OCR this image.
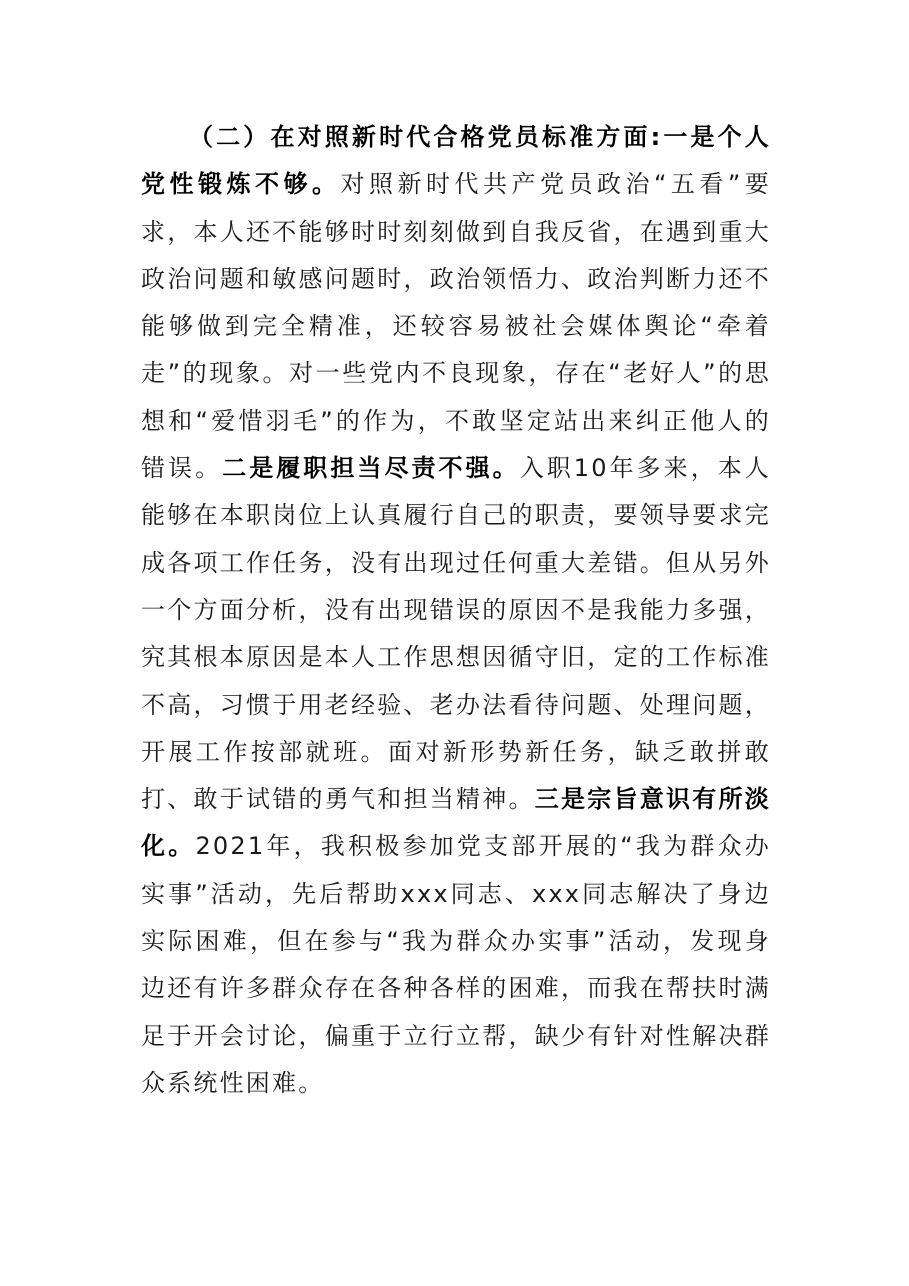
（二）在对照新时代合格党员标准方面:一是个人党性锻炼不够。对照新时代共产党员政治“五看”要求，本人还不能够时时刻刻做到自我反省，在遇到重大政治问题和敏感问题时，政治领悟力、政治判断力还不能够做到完全精准，还较容易被社会媒体舆论“牵着走”的现象。对一些党内不良现象，存在“老好人”的思想和“爱惜羽毛”的作为，不敢坚定站出来纠正他人的错误。二是履职担当尽责不强。入职10年多来，本人能够在本职岗位上认真履行自己的职责，要领导要求完成各项工作任务，没有出现过任何重大差错。但从另外一个方面分析，没有出现错误的原因不是我能力多强，究其根本原因是本人工作思想因循守旧，定的工作标准不高，习惯于用老经验、老办法看待问题、处理问题，开展工作按部就班。面对新形势新任务，缺乏敢拼敢打、敢于试错的勇气和担当精神。三是宗旨意识有所淡化。2021年，我积极参加党支部开展的“我为群众办实事”活动，先后帮助xxx同志、xxx同志解决了身边实际困难，但在参与“我为群众办实事”活动，发现身边还有许多群众存在各种各样的困难，而我在帮扶时满足于开会讨论，偏重于立行立帮，缺少有针对性解决群众系统性困难。
